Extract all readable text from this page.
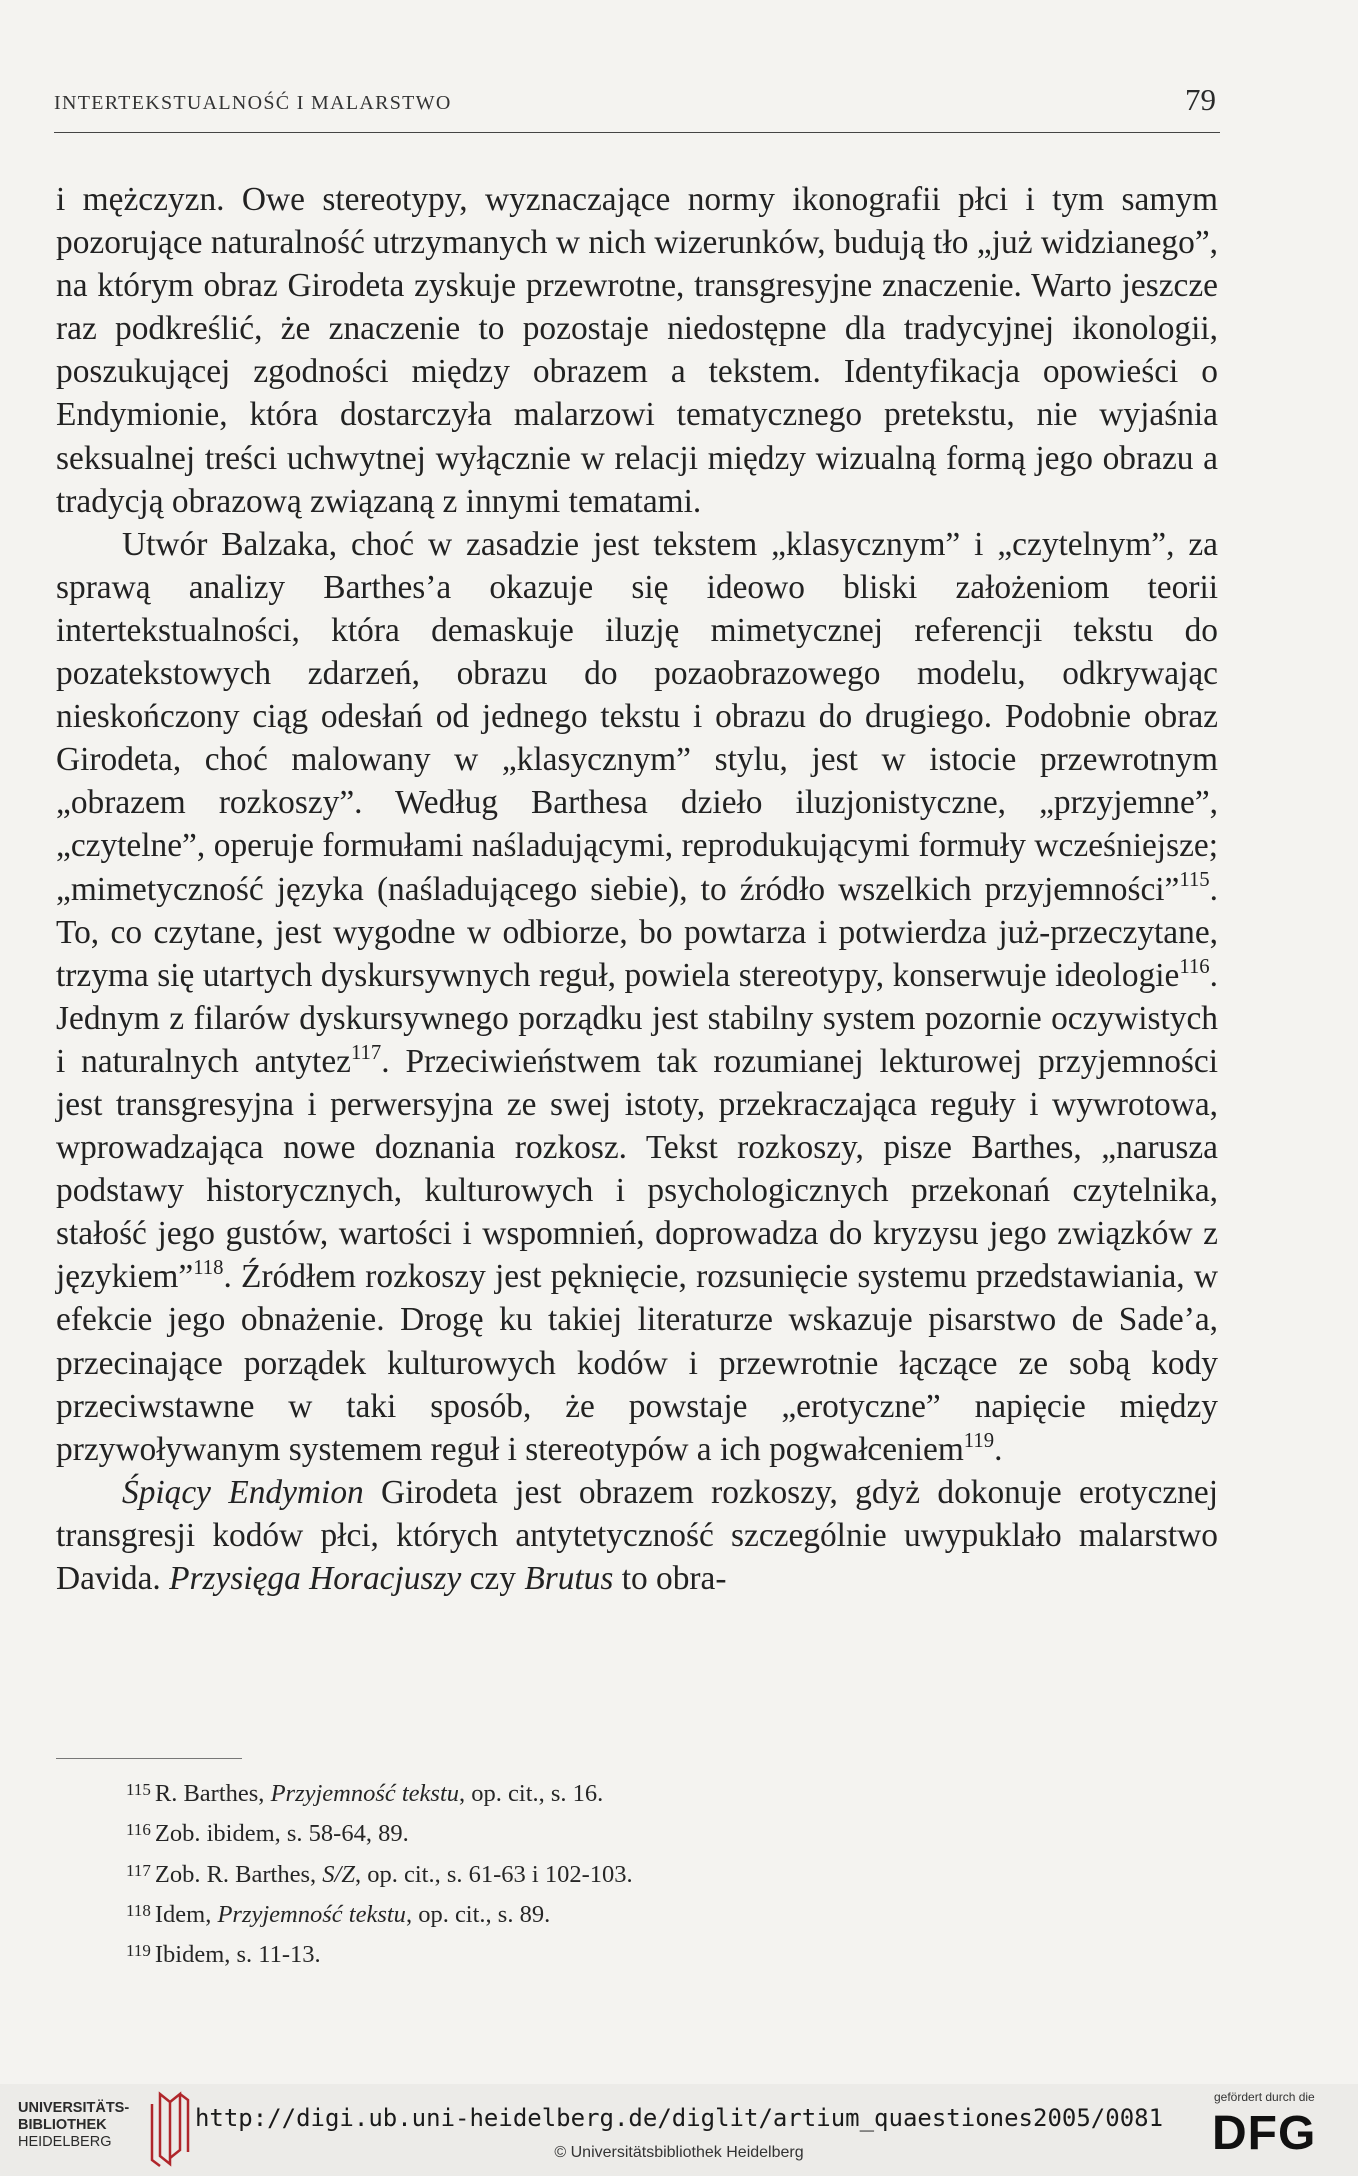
INTERTEKSTUALNOŚĆ I MALARSTWO	79

i mężczyzn. Owe stereotypy, wyznaczające normy ikonografii płci i tym samym pozorujące naturalność utrzymanych w nich wizerunków, budują tło „już widzianego”, na którym obraz Girodeta zyskuje przewrotne, transgresyjne znaczenie. Warto jeszcze raz podkreślić, że znaczenie to pozostaje niedostępne dla tradycyjnej ikonologii, poszukującej zgodności między obrazem a tekstem. Identyfikacja opowieści o Endymionie, która dostarczyła malarzowi tematycznego pretekstu, nie wyjaśnia seksualnej treści uchwytnej wyłącznie w relacji między wizualną formą jego obrazu a tradycją obrazową związaną z innymi tematami.

Utwór Balzaka, choć w zasadzie jest tekstem „klasycznym” i „czytelnym”, za sprawą analizy Barthes’a okazuje się ideowo bliski założeniom teorii intertekstualności, która demaskuje iluzję mimetycznej referencji tekstu do pozatekstowych zdarzeń, obrazu do pozaobrazowego modelu, odkrywając nieskończony ciąg odesłań od jednego tekstu i obrazu do drugiego. Podobnie obraz Girodeta, choć malowany w „klasycznym” stylu, jest w istocie przewrotnym „obrazem rozkoszy”. Według Barthesa dzieło iluzjonistyczne, „przyjemne”, „czytelne”, operuje formułami naśladującymi, reprodukującymi formuły wcześniejsze; „mimetyczność języka (naśladującego siebie), to źródło wszelkich przyjemności”$^{115}$. To, co czytane, jest wygodne w odbiorze, bo powtarza i potwierdza już-przeczytane, trzyma się utartych dyskursywnych reguł, powiela stereotypy, konserwuje ideologie$^{116}$. Jednym z filarów dyskursywnego porządku jest stabilny system pozornie oczywistych i naturalnych antytez$^{117}$. Przeciwieństwem tak rozumianej lekturowej przyjemności jest transgresyjna i perwersyjna ze swej istoty, przekraczająca reguły i wywrotowa, wprowadzająca nowe doznania rozkosz. Tekst rozkoszy, pisze Barthes, „narusza podstawy historycznych, kulturowych i psychologicznych przekonań czytelnika, stałość jego gustów, wartości i wspomnień, doprowadza do kryzysu jego związków z językiem”$^{118}$. Źródłem rozkoszy jest pęknięcie, rozsunięcie systemu przedstawiania, w efekcie jego obnażenie. Drogę ku takiej literaturze wskazuje pisarstwo de Sade’a, przecinające porządek kulturowych kodów i przewrotnie łączące ze sobą kody przeciwstawne w taki sposób, że powstaje „erotyczne” napięcie między przywoływanym systemem reguł i stereotypów a ich pogwałceniem$^{119}$.

Śpiący Endymion Girodeta jest obrazem rozkoszy, gdyż dokonuje erotycznej transgresji kodów płci, których antytetyczność szczególnie uwypuklało malarstwo Davida. Przysięga Horacjuszy czy Brutus to obra-

$^{115}$ R. Barthes, Przyjemność tekstu, op. cit., s. 16.
$^{116}$ Zob. ibidem, s. 58-64, 89.
$^{117}$ Zob. R. Barthes, S/Z, op. cit., s. 61-63 i 102-103.
$^{118}$ Idem, Przyjemność tekstu, op. cit., s. 89.
$^{119}$ Ibidem, s. 11-13.
UNIVERSITÄTS-
BIBLIOTHEK
HEIDELBERG
http://digi.ub.uni-heidelberg.de/diglit/artium_quaestiones2005/0081
© Universitätsbibliothek Heidelberg
gefördert durch die
DFG
